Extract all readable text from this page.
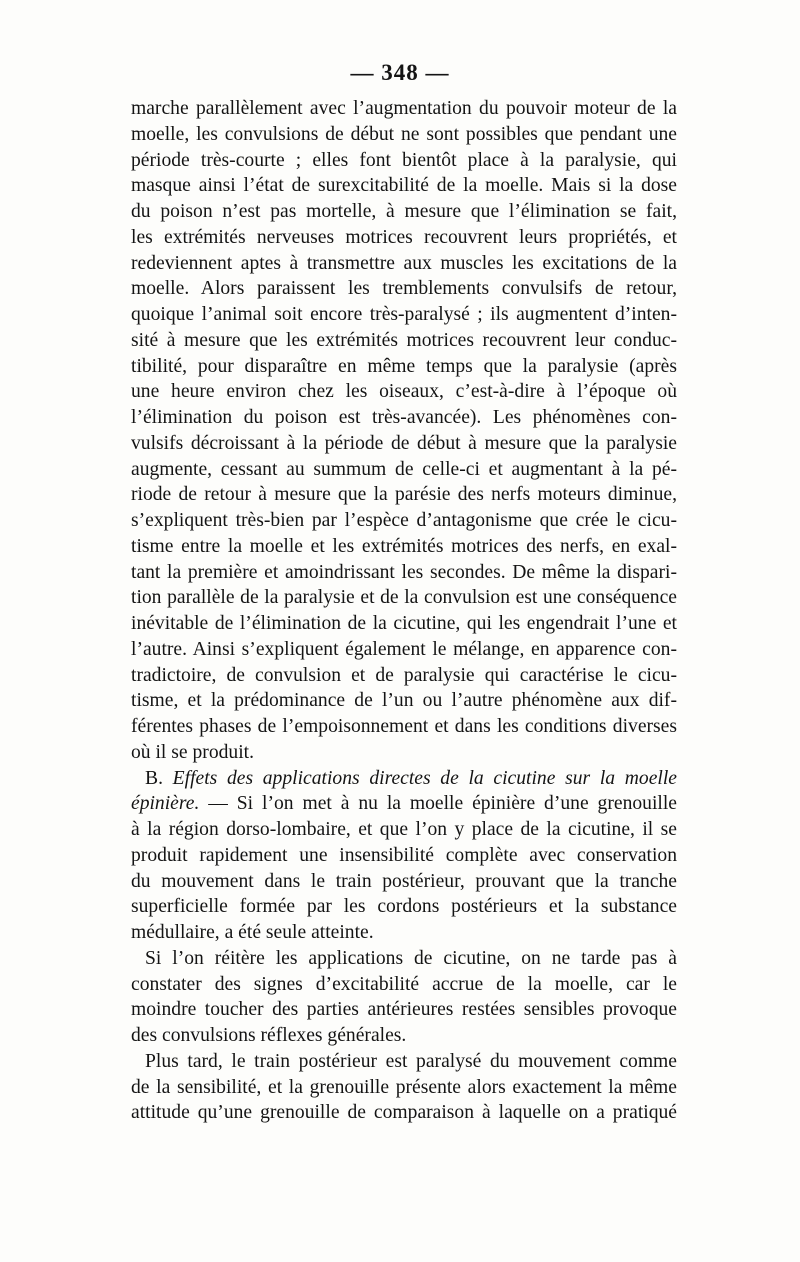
— 348 —
marche parallèlement avec l’augmentation du pouvoir moteur de la
moelle, les convulsions de début ne sont possibles que pendant une
période très-courte ; elles font bientôt place à la paralysie, qui
masque ainsi l’état de surexcitabilité de la moelle. Mais si la dose
du poison n’est pas mortelle, à mesure que l’élimination se fait,
les extrémités nerveuses motrices recouvrent leurs propriétés, et
redeviennent aptes à transmettre aux muscles les excitations de la
moelle. Alors paraissent les tremblements convulsifs de retour,
quoique l’animal soit encore très-paralysé ; ils augmentent d’inten-
sité à mesure que les extrémités motrices recouvrent leur conduc-
tibilité, pour disparaître en même temps que la paralysie (après
une heure environ chez les oiseaux, c’est-à-dire à l’époque où
l’élimination du poison est très-avancée). Les phénomènes con-
vulsifs décroissant à la période de début à mesure que la paralysie
augmente, cessant au summum de celle-ci et augmentant à la pé-
riode de retour à mesure que la parésie des nerfs moteurs diminue,
s’expliquent très-bien par l’espèce d’antagonisme que crée le cicu-
tisme entre la moelle et les extrémités motrices des nerfs, en exal-
tant la première et amoindrissant les secondes. De même la dispari-
tion parallèle de la paralysie et de la convulsion est une conséquence
inévitable de l’élimination de la cicutine, qui les engendrait l’une et
l’autre. Ainsi s’expliquent également le mélange, en apparence con-
tradictoire, de convulsion et de paralysie qui caractérise le cicu-
tisme, et la prédominance de l’un ou l’autre phénomène aux dif-
férentes phases de l’empoisonnement et dans les conditions diverses
où il se produit.
B. Effets des applications directes de la cicutine sur la moelle
épinière. — Si l’on met à nu la moelle épinière d’une grenouille
à la région dorso-lombaire, et que l’on y place de la cicutine, il se
produit rapidement une insensibilité complète avec conservation
du mouvement dans le train postérieur, prouvant que la tranche
superficielle formée par les cordons postérieurs et la substance
médullaire, a été seule atteinte.
Si l’on réitère les applications de cicutine, on ne tarde pas à
constater des signes d’excitabilité accrue de la moelle, car le
moindre toucher des parties antérieures restées sensibles provoque
des convulsions réflexes générales.
Plus tard, le train postérieur est paralysé du mouvement comme
de la sensibilité, et la grenouille présente alors exactement la même
attitude qu’une grenouille de comparaison à laquelle on a pratiqué
